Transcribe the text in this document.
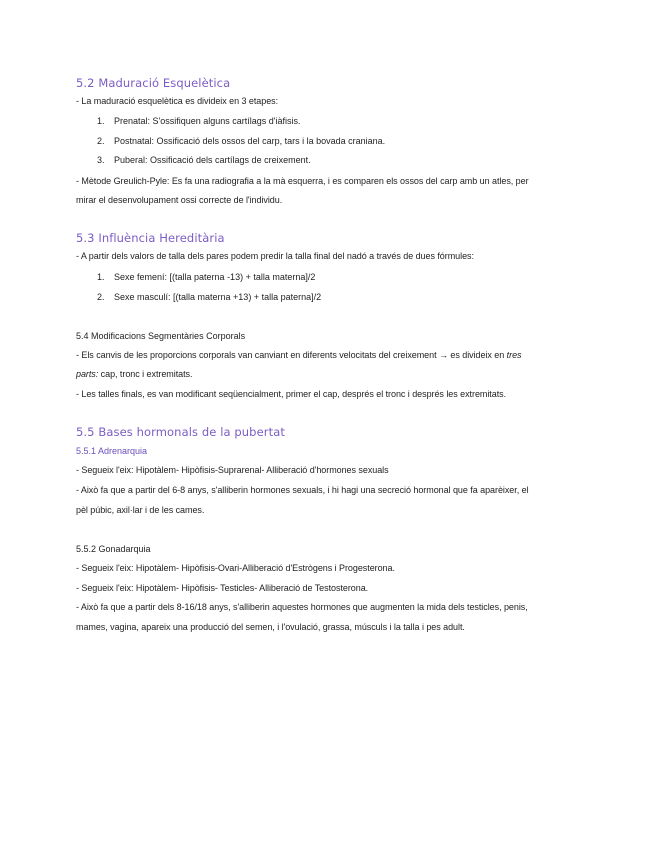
5.2 Maduració Esquelètica
- La maduració esquelètica es divideix en 3 etapes:
1. Prenatal: S'ossifiquen alguns cartílags d'iàfisis.
2. Postnatal: Ossificació dels ossos del carp, tars i la bovada craniana.
3. Puberal: Ossificació dels cartílags de creixement.
- Mètode Greulich-Pyle: Es fa una radiografia a la mà esquerra, i es comparen els ossos del carp amb un atles, per
mirar el desenvolupament ossi correcte de l'individu.
5.3 Influència Hereditària
- A partir dels valors de talla dels pares podem predir la talla final del nadó a través de dues fórmules:
1. Sexe femení: [(talla paterna -13) + talla materna]/2
2. Sexe masculí: [(talla materna +13) + talla paterna]/2
5.4 Modificacions Segmentàries Corporals
- Els canvis de les proporcions corporals van canviant en diferents velocitats del creixement → es divideix en tres
parts: cap, tronc i extremitats.
- Les talles finals, es van modificant seqüencialment, primer el cap, després el tronc i després les extremitats.
5.5 Bases hormonals de la pubertat
5.5.1 Adrenarquia
- Segueix l'eix: Hipotàlem- Hipòfisis-Suprarenal- Alliberació d'hormones sexuals
- Això fa que a partir del 6-8 anys, s'alliberin hormones sexuals, i hi hagi una secreció hormonal que fa aparèixer, el
pèl púbic, axil·lar i de les cames.
5.5.2 Gonadarquia
- Segueix l'eix: Hipotàlem- Hipòfisis-Ovari-Alliberació d'Estrògens i Progesterona.
- Segueix l'eix: Hipotàlem- Hipòfisis- Testicles- Alliberació de Testosterona.
- Això fa que a partir dels 8-16/18 anys, s'alliberin aquestes hormones que augmenten la mida dels testicles, penis,
mames, vagina, apareix una producció del semen, i l'ovulació, grassa, músculs i la talla i pes adult.
